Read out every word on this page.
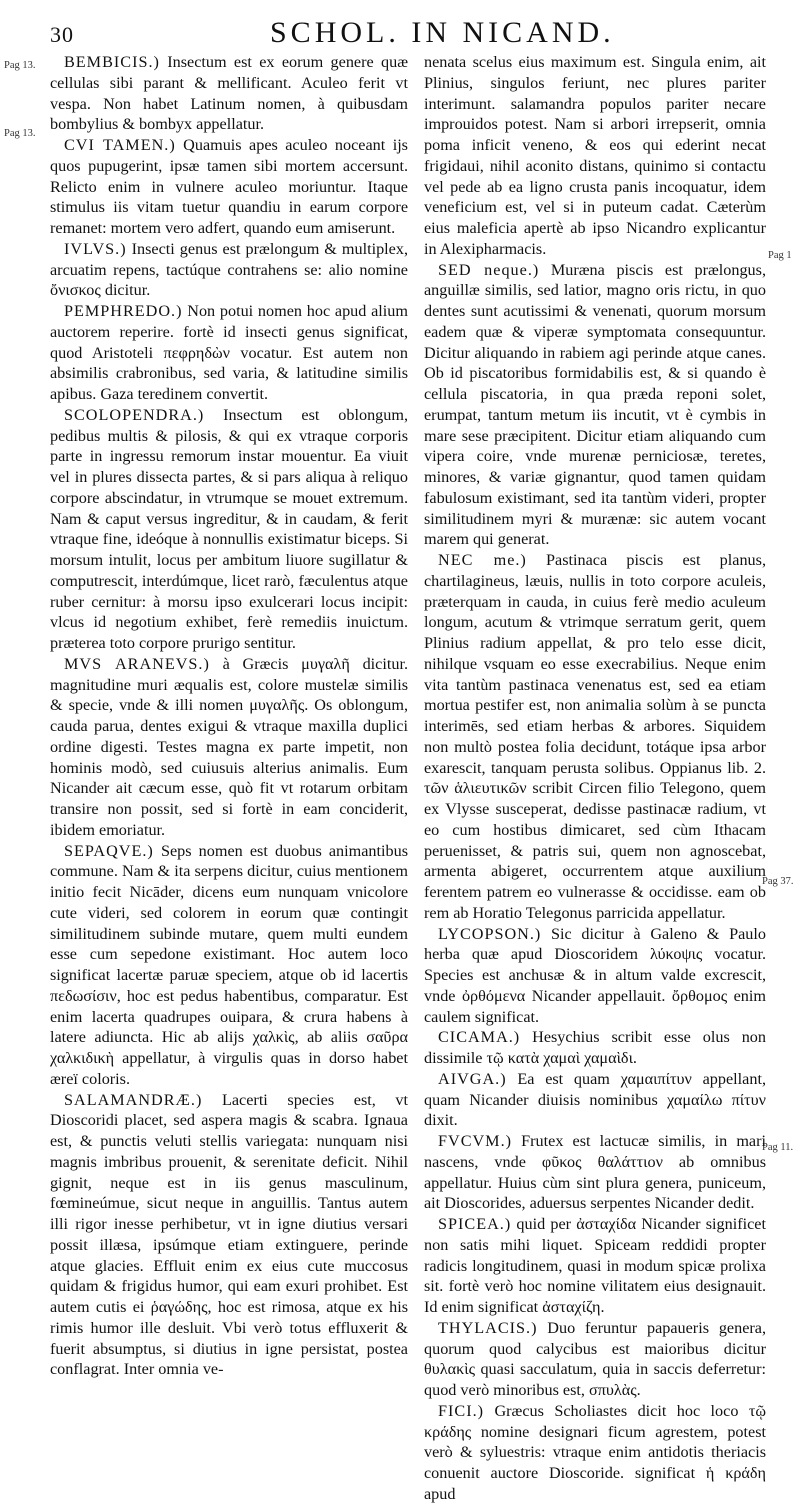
30	SCHOL. IN NICAND.
Pag 13.
Pag 13.
Pag 1
Pag 37.
Pag 11.

BEMBICIS.) Insectum est ex eorum genere quæ cellulas sibi parant & mellificant. Aculeo ferit vt vespa. Non habet Latinum nomen, à quibusdam bombylius & bombyx appellatur.

CVI TAMEN.) Quamuis apes aculeo noceant ijs quos pupugerint, ipsæ tamen sibi mortem accersunt. Relicto enim in vulnere aculeo moriuntur. Itaque stimulus iis vitam tuetur quandiu in earum corpore remanet: mortem vero adfert, quando eum amiserunt.

IVLVS.) Insecti genus est prælongum & multiplex, arcuatim repens, tactúque contrahens se: alio nomine ὄνισκος dicitur.

PEMPHREDO.) Non potui nomen hoc apud alium auctorem reperire. fortè id insecti genus significat, quod Aristoteli πεφρηδὼν vocatur. Est autem non absimilis crabronibus, sed varia, & latitudine similis apibus. Gaza teredinem convertit.

SCOLOPENDRA.) Insectum est oblongum, pedibus multis & pilosis, & qui ex vtraque corporis parte in ingressu remorum instar mouentur. Ea viuit vel in plures dissecta partes, & si pars aliqua à reliquo corpore abscindatur, in vtrumque se mouet extremum. Nam & caput versus ingreditur, & in caudam, & ferit vtraque fine, ideóque à nonnullis existimatur biceps. Si morsum intulit, locus per ambitum liuore sugillatur & computrescit, interdúmque, licet rarò, fæculentus atque ruber cernitur: à morsu ipso exulcerari locus incipit: vlcus id negotium exhibet, ferè remediis inuictum. præterea toto corpore prurigo sentitur.

MVS ARANEVS.) à Græcis μυγαλῆ dicitur. magnitudine muri æqualis est, colore mustelæ similis & specie, vnde & illi nomen μυγαλῆς. Os oblongum, cauda parua, dentes exigui & vtraque maxilla duplici ordine digesti. Testes magna ex parte impetit, non hominis modò, sed cuiusuis alterius animalis. Eum Nicander ait cæcum esse, quò fit vt rotarum orbitam transire non possit, sed si fortè in eam conciderit, ibidem emoriatur.

SEPAQVE.) Seps nomen est duobus animantibus commune. Nam & ita serpens dicitur, cuius mentionem initio fecit Nicāder, dicens eum nunquam vnicolore cute videri, sed colorem in eorum quæ contingit similitudinem subinde mutare, quem multi eundem esse cum sepedone existimant. Hoc autem loco significat lacertæ paruæ speciem, atque ob id lacertis πεδωσίσιν, hoc est pedus habentibus, comparatur. Est enim lacerta quadrupes ouipara, & crura habens à latere adiuncta. Hic ab alijs χαλκὶς, ab aliis σαῦρα χαλκιδικὴ appellatur, à virgulis quas in dorso habet æreï coloris.

SALAMANDRÆ.) Lacerti species est, vt Dioscoridi placet, sed aspera magis & scabra. Ignaua est, & punctis veluti stellis variegata: nunquam nisi magnis imbribus prouenit, & serenitate deficit. Nihil gignit, neque est in iis genus masculinum, fœmineúmue, sicut neque in anguillis. Tantus autem illi rigor inesse perhibetur, vt in igne diutius versari possit illæsa, ipsúmque etiam extinguere, perinde atque glacies. Effluit enim ex eius cute muccosus quidam & frigidus humor, qui eam exuri prohibet. Est autem cutis ei ῥαγώδης, hoc est rimosa, atque ex his rimis humor ille desluit. Vbi verò totus effluxerit & fuerit absumptus, si diutius in igne persistat, postea conflagrat. Inter omnia ve-

nenata scelus eius maximum est. Singula enim, ait Plinius, singulos feriunt, nec plures pariter interimunt. salamandra populos pariter necare improuidos potest. Nam si arbori irrepserit, omnia poma inficit veneno, & eos qui ederint necat frigidaui, nihil aconito distans, quinimo si contactu vel pede ab ea ligno crusta panis incoquatur, idem veneficium est, vel si in puteum cadat. Cæterùm eius maleficia apertè ab ipso Nicandro explicantur in Alexipharmacis.

SED neque.) Muræna piscis est prælongus, anguillæ similis, sed latior, magno oris rictu, in quo dentes sunt acutissimi & venenati, quorum morsum eadem quæ & viperæ symptomata consequuntur. Dicitur aliquando in rabiem agi perinde atque canes. Ob id piscatoribus formidabilis est, & si quando è cellula piscatoria, in qua præda reponi solet, erumpat, tantum metum iis incutit, vt è cymbis in mare sese præcipitent. Dicitur etiam aliquando cum vipera coire, vnde murenæ perniciosæ, teretes, minores, & variæ gignantur, quod tamen quidam fabulosum existimant, sed ita tantùm videri, propter similitudinem myri & murænæ: sic autem vocant marem qui generat.

NEC me.) Pastinaca piscis est planus, chartilagineus, læuis, nullis in toto corpore aculeis, præterquam in cauda, in cuius ferè medio aculeum longum, acutum & vtrimque serratum gerit, quem Plinius radium appellat, & pro telo esse dicit, nihilque vsquam eo esse execrabilius. Neque enim vita tantùm pastinaca venenatus est, sed ea etiam mortua pestifer est, non animalia solùm à se puncta interimēs, sed etiam herbas & arbores. Siquidem non multò postea folia decidunt, totáque ipsa arbor exarescit, tanquam perusta solibus. Oppianus lib. 2. τῶν ἁλιευτικῶν scribit Circen filio Telegono, quem ex Vlysse susceperat, dedisse pastinacæ radium, vt eo cum hostibus dimicaret, sed cùm Ithacam peruenisset, & patris sui, quem non agnoscebat, armenta abigeret, occurrentem atque auxilium ferentem patrem eo vulnerasse & occidisse. eam ob rem ab Horatio Telegonus parricida appellatur.

LYCOPSON.) Sic dicitur à Galeno & Paulo herba quæ apud Dioscoridem λύκοψις vocatur. Species est anchusæ & in altum valde excrescit, vnde ὀρθόμενα Nicander appellauit. ὄρθομος enim caulem significat.

CICAMA.) Hesychius scribit esse olus non dissimile τῷ κατὰ χαμαὶ χαμαὶδι.

AIVGA.) Ea est quam χαμαιπίτυν appellant, quam Nicander diuisis nominibus χαμαίλω πίτυν dixit.

FVCVM.) Frutex est lactucæ similis, in mari nascens, vnde φῦκος θαλάττιον ab omnibus appellatur. Huius cùm sint plura genera, puniceum, ait Dioscorides, aduersus serpentes Nicander dedit.

SPICEA.) quid per ἀσταχίδα Nicander significet non satis mihi liquet. Spiceam reddidi propter radicis longitudinem, quasi in modum spicæ prolixa sit. fortè verò hoc nomine vilitatem eius designauit. Id enim significat ἀσταχίζη.

THYLACIS.) Duo feruntur papaueris genera, quorum quod calycibus est maioribus dicitur θυλακὶς quasi sacculatum, quia in saccis deferretur: quod verò minoribus est, σπυλὰς.

FICI.) Græcus Scholiastes dicit hoc loco τῷ κράδης nomine designari ficum agrestem, potest verò & syluestris: vtraque enim antidotis theriacis conuenit auctore Dioscoride. significat ἡ κράδη apud
